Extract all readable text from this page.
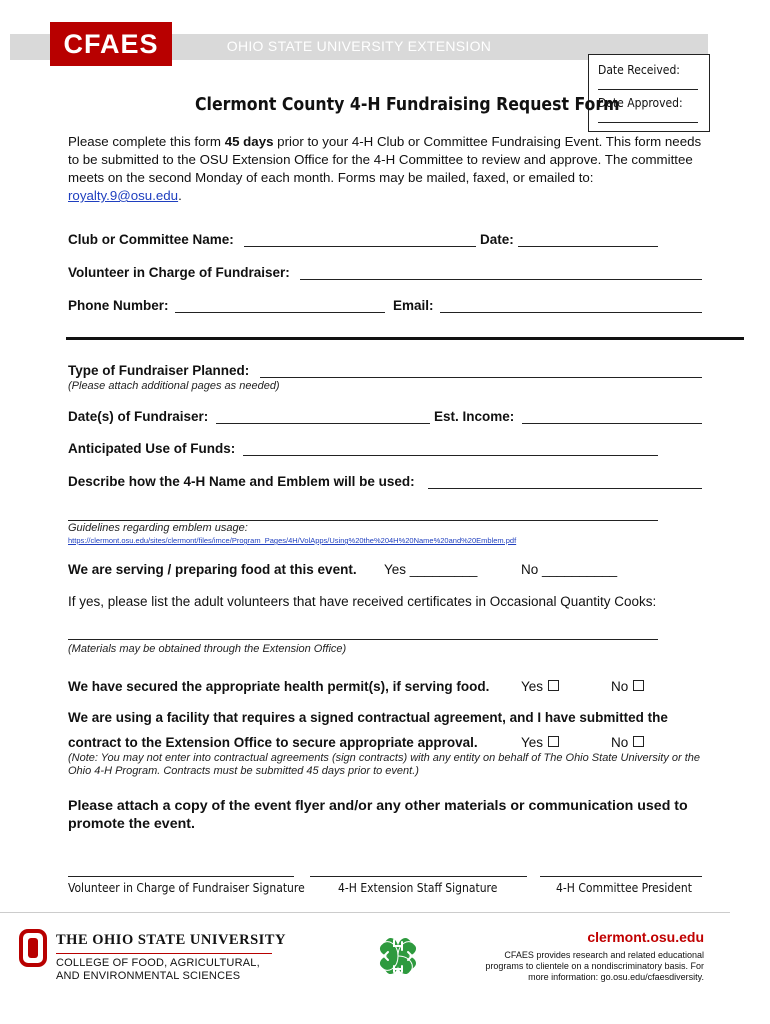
OHIO STATE UNIVERSITY EXTENSION
CFAES
Date Received:
Date Approved:
Clermont County 4-H Fundraising Request Form
Please complete this form 45 days prior to your 4-H Club or Committee Fundraising Event. This form needs to be submitted to the OSU Extension Office for the 4-H Committee to review and approve. The committee meets on the second Monday of each month. Forms may be mailed, faxed, or emailed to: royalty.9@osu.edu.
Club or Committee Name:	Date:
Volunteer in Charge of Fundraiser:
Phone Number:	Email:
Type of Fundraiser Planned:
(Please attach additional pages as needed)
Date(s) of Fundraiser:	Est. Income:
Anticipated Use of Funds:
Describe how the 4-H Name and Emblem will be used:
Guidelines regarding emblem usage:
https://clermont.osu.edu/sites/clermont/files/imce/Program_Pages/4H/VolApps/Using%20the%204H%20Name%20and%20Emblem.pdf
We are serving / preparing food at this event. Yes _________	No __________
If yes, please list the adult volunteers that have received certificates in Occasional Quantity Cooks:
(Materials may be obtained through the Extension Office)
We have secured the appropriate health permit(s), if serving food. Yes	No
We are using a facility that requires a signed contractual agreement, and I have submitted the
contract to the Extension Office to secure appropriate approval.	Yes	No
(Note: You may not enter into contractual agreements (sign contracts) with any entity on behalf of The Ohio State University or the Ohio 4-H Program. Contracts must be submitted 45 days prior to event.)
Please attach a copy of the event flyer and/or any other materials or communication used to promote the event.
Volunteer in Charge of Fundraiser Signature	4-H Extension Staff Signature	4-H Committee President
THE OHIO STATE UNIVERSITY
COLLEGE OF FOOD, AGRICULTURAL,
AND ENVIRONMENTAL SCIENCES
clermont.osu.edu
CFAES provides research and related educational programs to clientele on a nondiscriminatory basis. For more information: go.osu.edu/cfaesdiversity.
